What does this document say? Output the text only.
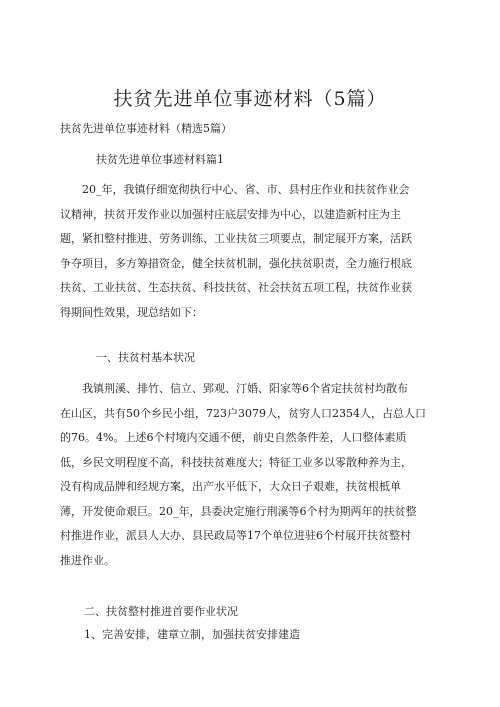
扶贫先进单位事迹材料（5篇）
扶贫先进单位事迹材料（精选5篇）
扶贫先进单位事迹材料篇1
　　20_年，我镇仔细宽彻执行中心、省、市、县村庄作业和扶贫作业会
议精神，扶贫开发作业以加强村庄底层安排为中心，以建造新村庄为主
题，紧扣整村推进、劳务训练、工业扶贫三项要点，制定展开方案，活跃
争夺项目，多方筹措资金，健全扶贫机制，强化扶贫职责，全力施行根底
扶贫、工业扶贫、生态扶贫、科技扶贫、社会扶贫五项工程，扶贫作业获
得期间性效果，现总结如下：
一、扶贫村基本状况
　　我镇荆溪、排竹、信立、郢观、汀婚、阳家等6个省定扶贫村均散布
在山区，共有50个乡民小组，723户3079人，贫穷人口2354人，占总人口
的76。4%。上述6个村境内交通不便，前史自然条件差，人口整体素质
低，乡民文明程度不高，科技扶贫难度大；特征工业多以零散种养为主，
没有构成品牌和经规方案，出产水平低下，大众日子艰难，扶贫根柢单
薄，开发使命艰巨。20_年，县委决定施行荆溪等6个村为期两年的扶贫整
村推进作业，派县人大办、县民政局等17个单位进驻6个村展开扶贫整村
推进作业。
二、扶贫整村推进首要作业状况
1、完善安排，建章立制，加强扶贫安排建造
